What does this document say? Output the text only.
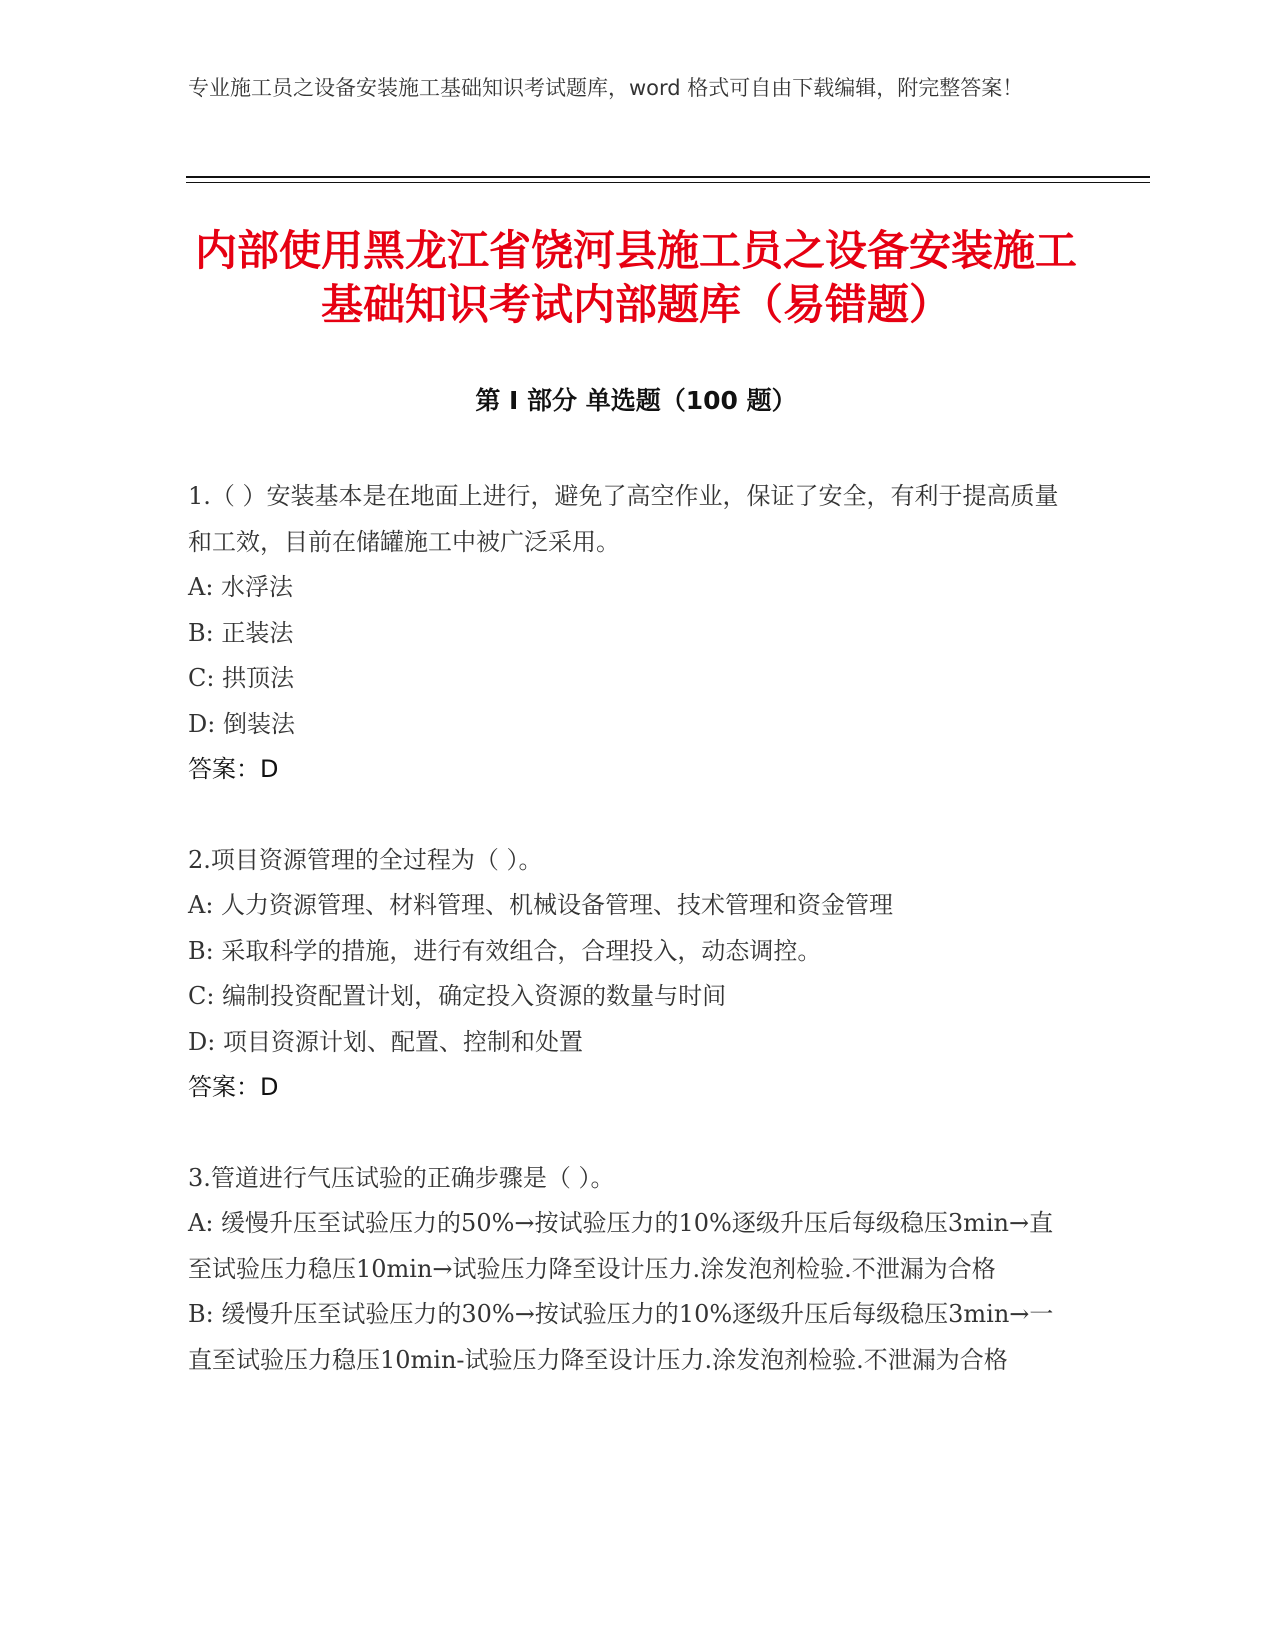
专业施工员之设备安装施工基础知识考试题库，word 格式可自由下载编辑，附完整答案！
内部使用黑龙江省饶河县施工员之设备安装施工基础知识考试内部题库（易错题）
第 I 部分 单选题（100 题）

1.（ ）安装基本是在地面上进行，避免了高空作业，保证了安全，有利于提高质量和工效，目前在储罐施工中被广泛采用。

A: 水浮法

B: 正装法

C: 拱顶法

D: 倒装法

答案：D

2.项目资源管理的全过程为（ ）。

A: 人力资源管理、材料管理、机械设备管理、技术管理和资金管理

B: 采取科学的措施，进行有效组合，合理投入，动态调控。

C: 编制投资配置计划，确定投入资源的数量与时间

D: 项目资源计划、配置、控制和处置

答案：D

3.管道进行气压试验的正确步骤是（ ）。

A: 缓慢升压至试验压力的50%→按试验压力的10%逐级升压后每级稳压3min→直至试验压力稳压10min→试验压力降至设计压力.涂发泡剂检验.不泄漏为合格

B: 缓慢升压至试验压力的30%→按试验压力的10%逐级升压后每级稳压3min→一直至试验压力稳压10min-试验压力降至设计压力.涂发泡剂检验.不泄漏为合格
